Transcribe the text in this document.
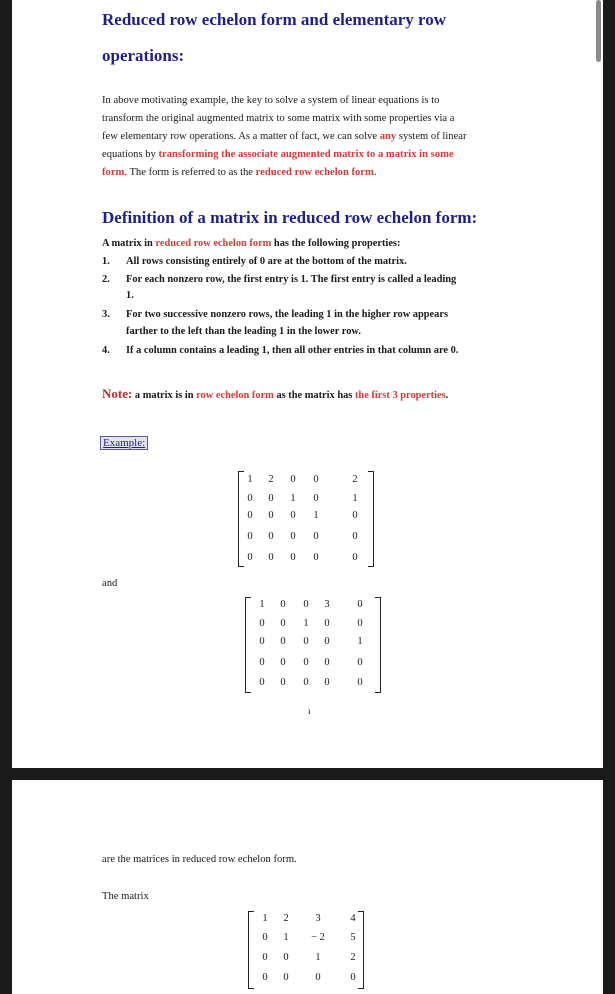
Reduced row echelon form and elementary row
operations:
In above motivating example, the key to solve a system of linear equations is to
transform the original augmented matrix to some matrix with some properties via a
few elementary row operations. As a matter of fact, we can solve any system of linear
equations by transforming the associate augmented matrix to a matrix in some
form. The form is referred to as the reduced row echelon form.
Definition of a matrix in reduced row echelon form:
A matrix in reduced row echelon form has the following properties:
1. All rows consisting entirely of 0 are at the bottom of the matrix.
2. For each nonzero row, the first entry is 1. The first entry is called a leading
1.
3. For two successive nonzero rows, the leading 1 in the higher row appears
farther to the left than the leading 1 in the lower row.
4. If a column contains a leading 1, then all other entries in that column are 0.
Note: a matrix is in row echelon form as the matrix has the first 3 properties.
Example:
1	2	0	0	2
0	0	1	0	1
0	0	0	1	0
0	0	0	0	0
0	0	0	0	0
and
1	0	0	3	0
0	0	1	0	0
0	0	0	0	1
0	0	0	0	0
0	0	0	0	0
ı
are the matrices in reduced row echelon form.
The matrix
1	2	3	4
0	1	− 2	5
0	0	1	2
0	0	0	0
